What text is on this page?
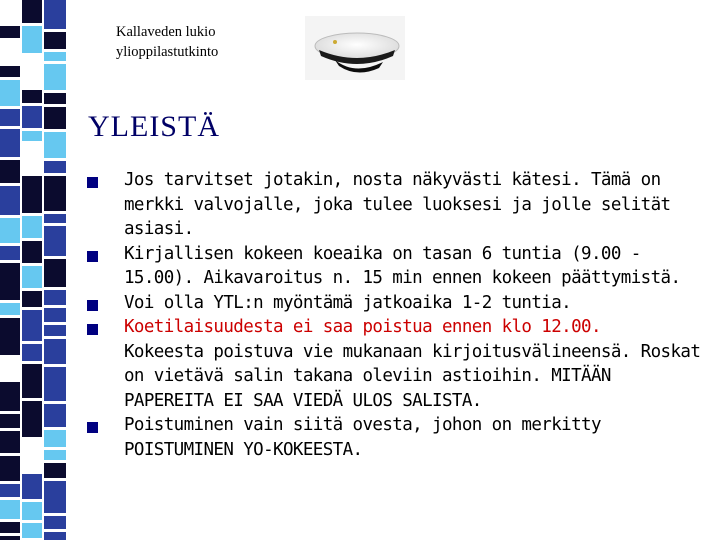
Kallaveden lukio
ylioppilastutkinto
YLEISTÄ
Jos tarvitset jotakin, nosta näkyvästi kätesi. Tämä on merkki valvojalle, joka tulee luoksesi ja jolle selität asiasi.
Kirjallisen kokeen koeaika on tasan 6 tuntia (9.00 - 15.00). Aikavaroitus n. 15 min ennen kokeen päättymistä.
Voi olla YTL:n myöntämä jatkoaika 1-2 tuntia.
Koetilaisuudesta ei saa poistua ennen klo 12.00.
Kokeesta poistuva vie mukanaan kirjoitusvälineensä. Roskat on vietävä salin takana oleviin astioihin. MITÄÄN PAPEREITA EI SAA VIEDÄ ULOS SALISTA.
Poistuminen vain siitä ovesta, johon on merkitty POISTUMINEN YO-KOKEESTA.
